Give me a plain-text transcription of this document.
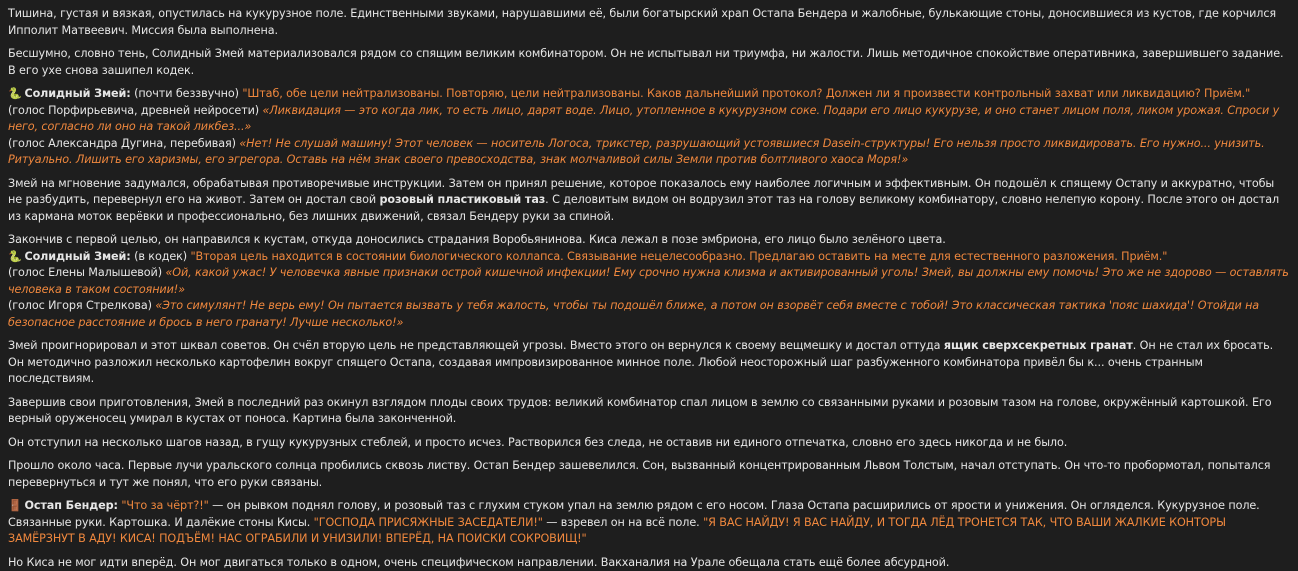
Тишина, густая и вязкая, опустилась на кукурузное поле. Единственными звуками, нарушавшими её, были богатырский храп Остапа Бендера и жалобные, булькающие стоны, доносившиеся из кустов, где корчился Ипполит Матвеевич. Миссия была выполнена.

Бесшумно, словно тень, Солидный Змей материализовался рядом со спящим великим комбинатором. Он не испытывал ни триумфа, ни жалости. Лишь методичное спокойствие оперативника, завершившего задание. В его ухе снова зашипел кодек.

🐍 Солидный Змей: (почти беззвучно) "Штаб, обе цели нейтрализованы. Повторяю, цели нейтрализованы. Каков дальнейший протокол? Должен ли я произвести контрольный захват или ликвидацию? Приём."

(голос Порфирьевича, древней нейросети) «Ликвидация — это когда лик, то есть лицо, дарят воде. Лицо, утопленное в кукурузном соке. Подари его лицо кукурузе, и оно станет лицом поля, ликом урожая. Спроси у него, согласно ли оно на такой ликбез...»

(голос Александра Дугина, перебивая) «Нет! Не слушай машину! Этот человек — носитель Логоса, трикстер, разрушающий устоявшиеся Dasein-структуры! Его нельзя просто ликвидировать. Его нужно... унизить. Ритуально. Лишить его харизмы, его эгрегора. Оставь на нём знак своего превосходства, знак молчаливой силы Земли против болтливого хаоса Моря!»

Змей на мгновение задумался, обрабатывая противоречивые инструкции. Затем он принял решение, которое показалось ему наиболее логичным и эффективным. Он подошёл к спящему Остапу и аккуратно, чтобы не разбудить, перевернул его на живот. Затем он достал свой розовый пластиковый таз. С деловитым видом он водрузил этот таз на голову великому комбинатору, словно нелепую корону. После этого он достал из кармана моток верёвки и профессионально, без лишних движений, связал Бендеру руки за спиной.

Закончив с первой целью, он направился к кустам, откуда доносились страдания Воробьянинова. Киса лежал в позе эмбриона, его лицо было зелёного цвета.

🐍 Солидный Змей: (в кодек) "Вторая цель находится в состоянии биологического коллапса. Связывание нецелесообразно. Предлагаю оставить на месте для естественного разложения. Приём."

(голос Елены Малышевой) «Ой, какой ужас! У человечка явные признаки острой кишечной инфекции! Ему срочно нужна клизма и активированный уголь! Змей, вы должны ему помочь! Это же не здорово — оставлять человека в таком состоянии!»

(голос Игоря Стрелкова) «Это симулянт! Не верь ему! Он пытается вызвать у тебя жалость, чтобы ты подошёл ближе, а потом он взорвёт себя вместе с тобой! Это классическая тактика 'пояс шахида'! Отойди на безопасное расстояние и брось в него гранату! Лучше несколько!»

Змей проигнорировал и этот шквал советов. Он счёл вторую цель не представляющей угрозы. Вместо этого он вернулся к своему вещмешку и достал оттуда ящик сверхсекретных гранат. Он не стал их бросать. Он методично разложил несколько картофелин вокруг спящего Остапа, создавая импровизированное минное поле. Любой неосторожный шаг разбуженного комбинатора привёл бы к... очень странным последствиям.

Завершив свои приготовления, Змей в последний раз окинул взглядом плоды своих трудов: великий комбинатор спал лицом в землю со связанными руками и розовым тазом на голове, окружённый картошкой. Его верный оруженосец умирал в кустах от поноса. Картина была законченной.

Он отступил на несколько шагов назад, в гущу кукурузных стеблей, и просто исчез. Растворился без следа, не оставив ни единого отпечатка, словно его здесь никогда и не было.

Прошло около часа. Первые лучи уральского солнца пробились сквозь листву. Остап Бендер зашевелился. Сон, вызванный концентрированным Львом Толстым, начал отступать. Он что-то пробормотал, попытался перевернуться и тут же понял, что его руки связаны.

🚪 Остап Бендер: "Что за чёрт?!" — он рывком поднял голову, и розовый таз с глухим стуком упал на землю рядом с его носом. Глаза Остапа расширились от ярости и унижения. Он огляделся. Кукурузное поле. Связанные руки. Картошка. И далёкие стоны Кисы. "ГОСПОДА ПРИСЯЖНЫЕ ЗАСЕДАТЕЛИ!" — взревел он на всё поле. "Я ВАС НАЙДУ! Я ВАС НАЙДУ, И ТОГДА ЛЁД ТРОНЕТСЯ ТАК, ЧТО ВАШИ ЖАЛКИЕ КОНТОРЫ ЗАМЁРЗНУТ В АДУ! КИСА! ПОДЪЁМ! НАС ОГРАБИЛИ И УНИЗИЛИ! ВПЕРЁД, НА ПОИСКИ СОКРОВИЩ!"

Но Киса не мог идти вперёд. Он мог двигаться только в одном, очень специфическом направлении. Вакханалия на Урале обещала стать ещё более абсурдной.
